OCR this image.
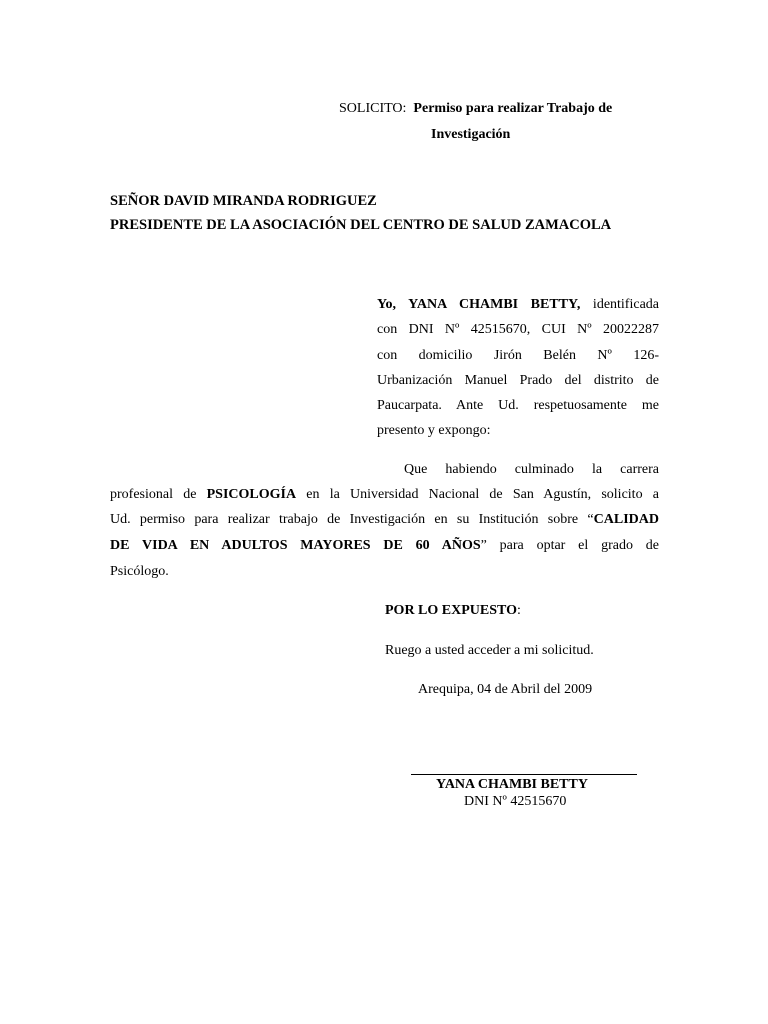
SOLICITO: Permiso para realizar Trabajo de
Investigación
SEÑOR DAVID MIRANDA RODRIGUEZ
PRESIDENTE DE LA ASOCIACIÓN DEL CENTRO DE SALUD ZAMACOLA
Yo, YANA CHAMBI BETTY, identificada
con DNI Nº 42515670, CUI Nº 20022287
con domicilio Jirón Belén Nº 126-
Urbanización Manuel Prado del distrito de
Paucarpata. Ante Ud. respetuosamente me
presento y expongo:
Que habiendo culminado la carrera
profesional de PSICOLOGÍA en la Universidad Nacional de San Agustín, solicito a
Ud. permiso para realizar trabajo de Investigación en su Institución sobre “CALIDAD
DE VIDA EN ADULTOS MAYORES DE 60 AÑOS” para optar el grado de
Psicólogo.
POR LO EXPUESTO:
Ruego a usted acceder a mi solicitud.
Arequipa, 04 de Abril del 2009
YANA CHAMBI BETTY
DNI Nº 42515670
